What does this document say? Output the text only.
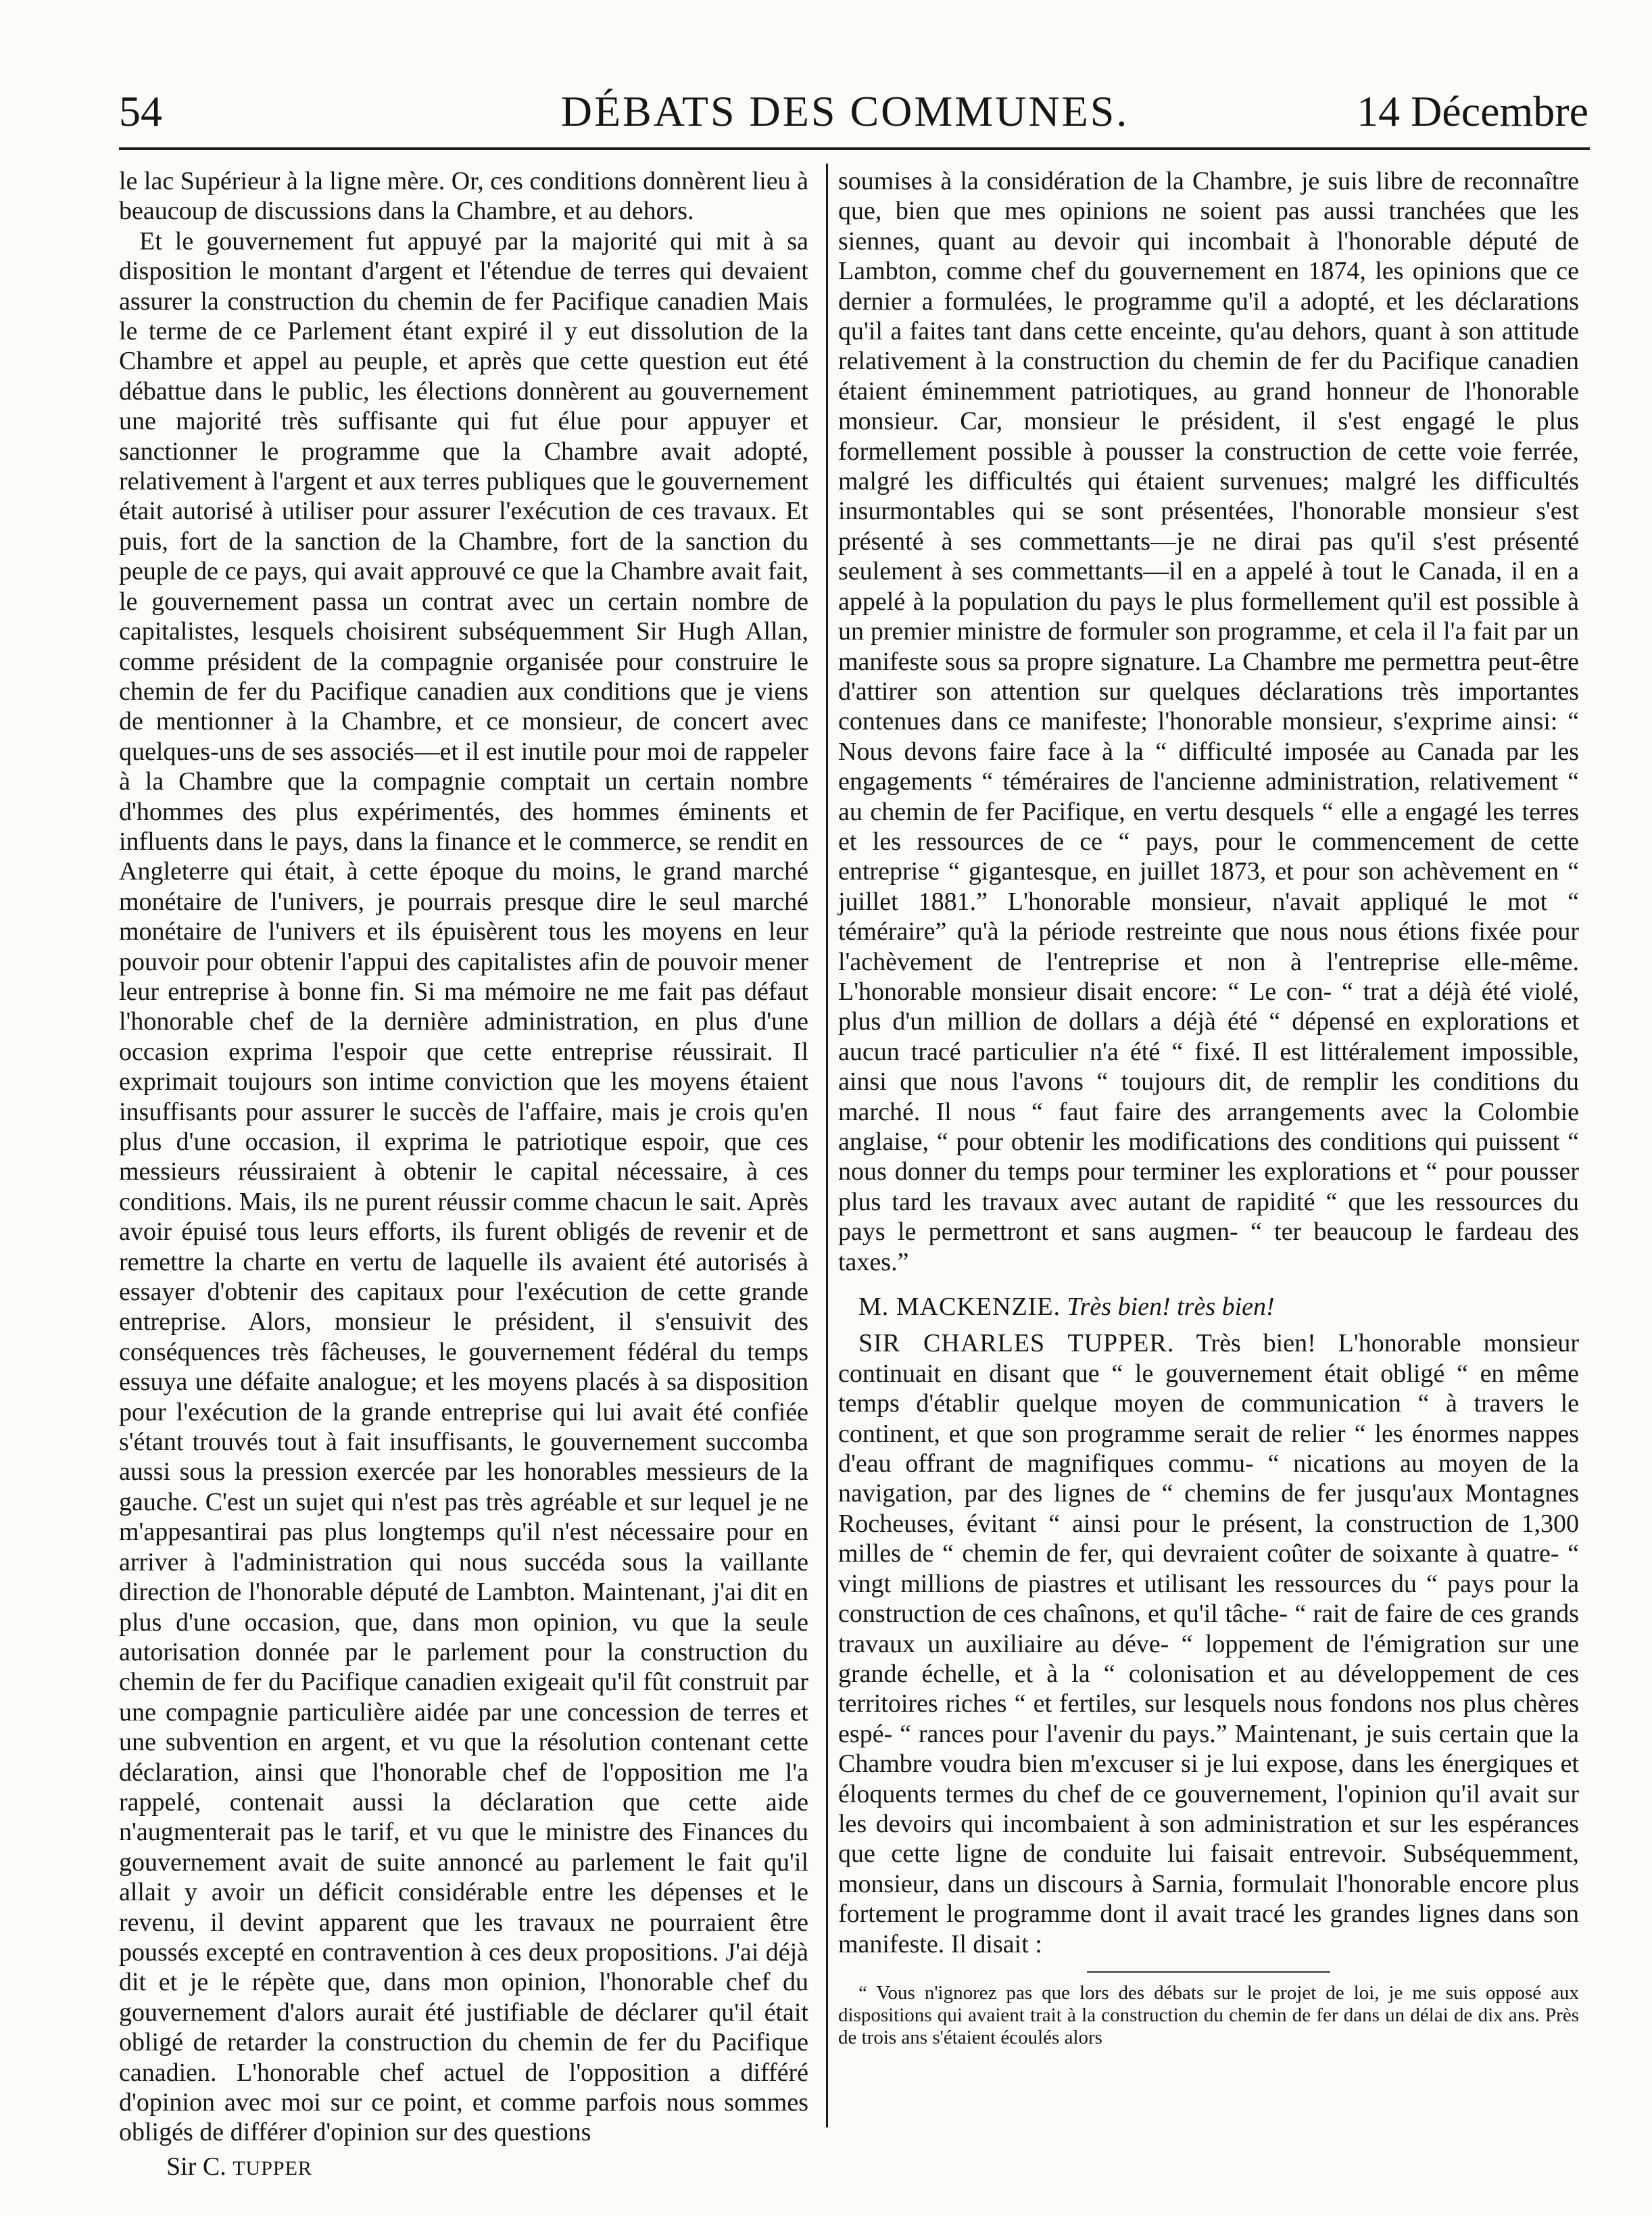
54	DÉBATS DES COMMUNES.	14 Décembre

le lac Supérieur à la ligne mère. Or, ces conditions donnèrent lieu à beaucoup de discussions dans la Chambre, et au dehors.

Et le gouvernement fut appuyé par la majorité qui mit à sa disposition le montant d'argent et l'étendue de terres qui devaient assurer la construction du chemin de fer Pacifique canadien Mais le terme de ce Parlement étant expiré il y eut dissolution de la Chambre et appel au peuple, et après que cette question eut été débattue dans le public, les élections donnèrent au gouvernement une majorité très suffisante qui fut élue pour appuyer et sanctionner le programme que la Chambre avait adopté, relativement à l'argent et aux terres publiques que le gouvernement était autorisé à utiliser pour assurer l'exécution de ces travaux. Et puis, fort de la sanction de la Chambre, fort de la sanction du peuple de ce pays, qui avait approuvé ce que la Chambre avait fait, le gouvernement passa un contrat avec un certain nombre de capitalistes, lesquels choisirent subséquemment Sir Hugh Allan, comme président de la compagnie organisée pour construire le chemin de fer du Pacifique canadien aux conditions que je viens de mentionner à la Chambre, et ce monsieur, de concert avec quelques-uns de ses associés—et il est inutile pour moi de rappeler à la Chambre que la compagnie comptait un certain nombre d'hommes des plus expérimentés, des hommes éminents et influents dans le pays, dans la finance et le commerce, se rendit en Angleterre qui était, à cette époque du moins, le grand marché monétaire de l'univers, je pourrais presque dire le seul marché monétaire de l'univers et ils épuisèrent tous les moyens en leur pouvoir pour obtenir l'appui des capitalistes afin de pouvoir mener leur entreprise à bonne fin. Si ma mémoire ne me fait pas défaut l'honorable chef de la dernière administration, en plus d'une occasion exprima l'espoir que cette entreprise réussirait. Il exprimait toujours son intime conviction que les moyens étaient insuffisants pour assurer le succès de l'affaire, mais je crois qu'en plus d'une occasion, il exprima le patriotique espoir, que ces messieurs réussiraient à obtenir le capital nécessaire, à ces conditions. Mais, ils ne purent réussir comme chacun le sait. Après avoir épuisé tous leurs efforts, ils furent obligés de revenir et de remettre la charte en vertu de laquelle ils avaient été autorisés à essayer d'obtenir des capitaux pour l'exécution de cette grande entreprise. Alors, monsieur le président, il s'ensuivit des conséquences très fâcheuses, le gouvernement fédéral du temps essuya une défaite analogue; et les moyens placés à sa disposition pour l'exécution de la grande entreprise qui lui avait été confiée s'étant trouvés tout à fait insuffisants, le gouvernement succomba aussi sous la pression exercée par les honorables messieurs de la gauche. C'est un sujet qui n'est pas très agréable et sur lequel je ne m'appesantirai pas plus longtemps qu'il n'est nécessaire pour en arriver à l'administration qui nous succéda sous la vaillante direction de l'honorable député de Lambton. Maintenant, j'ai dit en plus d'une occasion, que, dans mon opinion, vu que la seule autorisation donnée par le parlement pour la construction du chemin de fer du Pacifique canadien exigeait qu'il fût construit par une compagnie particulière aidée par une concession de terres et une subvention en argent, et vu que la résolution contenant cette déclaration, ainsi que l'honorable chef de l'opposition me l'a rappelé, contenait aussi la déclaration que cette aide n'augmenterait pas le tarif, et vu que le ministre des Finances du gouvernement avait de suite annoncé au parlement le fait qu'il allait y avoir un déficit considérable entre les dépenses et le revenu, il devint apparent que les travaux ne pourraient être poussés excepté en contravention à ces deux propositions. J'ai déjà dit et je le répète que, dans mon opinion, l'honorable chef du gouvernement d'alors aurait été justifiable de déclarer qu'il était obligé de retarder la construction du chemin de fer du Pacifique canadien. L'honorable chef actuel de l'opposition a différé d'opinion avec moi sur ce point, et comme parfois nous sommes obligés de différer d'opinion sur des questions

Sir C. TUPPER

soumises à la considération de la Chambre, je suis libre de reconnaître que, bien que mes opinions ne soient pas aussi tranchées que les siennes, quant au devoir qui incombait à l'honorable député de Lambton, comme chef du gouvernement en 1874, les opinions que ce dernier a formulées, le programme qu'il a adopté, et les déclarations qu'il a faites tant dans cette enceinte, qu'au dehors, quant à son attitude relativement à la construction du chemin de fer du Pacifique canadien étaient éminemment patriotiques, au grand honneur de l'honorable monsieur. Car, monsieur le président, il s'est engagé le plus formellement possible à pousser la construction de cette voie ferrée, malgré les difficultés qui étaient survenues; malgré les difficultés insurmontables qui se sont présentées, l'honorable monsieur s'est présenté à ses commettants—je ne dirai pas qu'il s'est présenté seulement à ses commettants—il en a appelé à tout le Canada, il en a appelé à la population du pays le plus formellement qu'il est possible à un premier ministre de formuler son programme, et cela il l'a fait par un manifeste sous sa propre signature. La Chambre me permettra peut-être d'attirer son attention sur quelques déclarations très importantes contenues dans ce manifeste; l'honorable monsieur, s'exprime ainsi: “ Nous devons faire face à la “ difficulté imposée au Canada par les engagements “ téméraires de l'ancienne administration, relativement “ au chemin de fer Pacifique, en vertu desquels “ elle a engagé les terres et les ressources de ce “ pays, pour le commencement de cette entreprise “ gigantesque, en juillet 1873, et pour son achèvement en “ juillet 1881.” L'honorable monsieur, n'avait appliqué le mot “ téméraire” qu'à la période restreinte que nous nous étions fixée pour l'achèvement de l'entreprise et non à l'entreprise elle-même. L'honorable monsieur disait encore: “ Le con- “ trat a déjà été violé, plus d'un million de dollars a déjà été “ dépensé en explorations et aucun tracé particulier n'a été “ fixé. Il est littéralement impossible, ainsi que nous l'avons “ toujours dit, de remplir les conditions du marché. Il nous “ faut faire des arrangements avec la Colombie anglaise, “ pour obtenir les modifications des conditions qui puissent “ nous donner du temps pour terminer les explorations et “ pour pousser plus tard les travaux avec autant de rapidité “ que les ressources du pays le permettront et sans augmen- “ ter beaucoup le fardeau des taxes.”

M. MACKENZIE. Très bien! très bien!

SIR CHARLES TUPPER. Très bien! L'honorable monsieur continuait en disant que “ le gouvernement était obligé “ en même temps d'établir quelque moyen de communication “ à travers le continent, et que son programme serait de relier “ les énormes nappes d'eau offrant de magnifiques commu- “ nications au moyen de la navigation, par des lignes de “ chemins de fer jusqu'aux Montagnes Rocheuses, évitant “ ainsi pour le présent, la construction de 1,300 milles de “ chemin de fer, qui devraient coûter de soixante à quatre- “ vingt millions de piastres et utilisant les ressources du “ pays pour la construction de ces chaînons, et qu'il tâche- “ rait de faire de ces grands travaux un auxiliaire au déve- “ loppement de l'émigration sur une grande échelle, et à la “ colonisation et au développement de ces territoires riches “ et fertiles, sur lesquels nous fondons nos plus chères espé- “ rances pour l'avenir du pays.” Maintenant, je suis certain que la Chambre voudra bien m'excuser si je lui expose, dans les énergiques et éloquents termes du chef de ce gouvernement, l'opinion qu'il avait sur les devoirs qui incombaient à son administration et sur les espérances que cette ligne de conduite lui faisait entrevoir. Subséquemment, monsieur, dans un discours à Sarnia, formulait l'honorable encore plus fortement le programme dont il avait tracé les grandes lignes dans son manifeste. Il disait :

“ Vous n'ignorez pas que lors des débats sur le projet de loi, je me suis opposé aux dispositions qui avaient trait à la construction du chemin de fer dans un délai de dix ans. Près de trois ans s'étaient écoulés alors
